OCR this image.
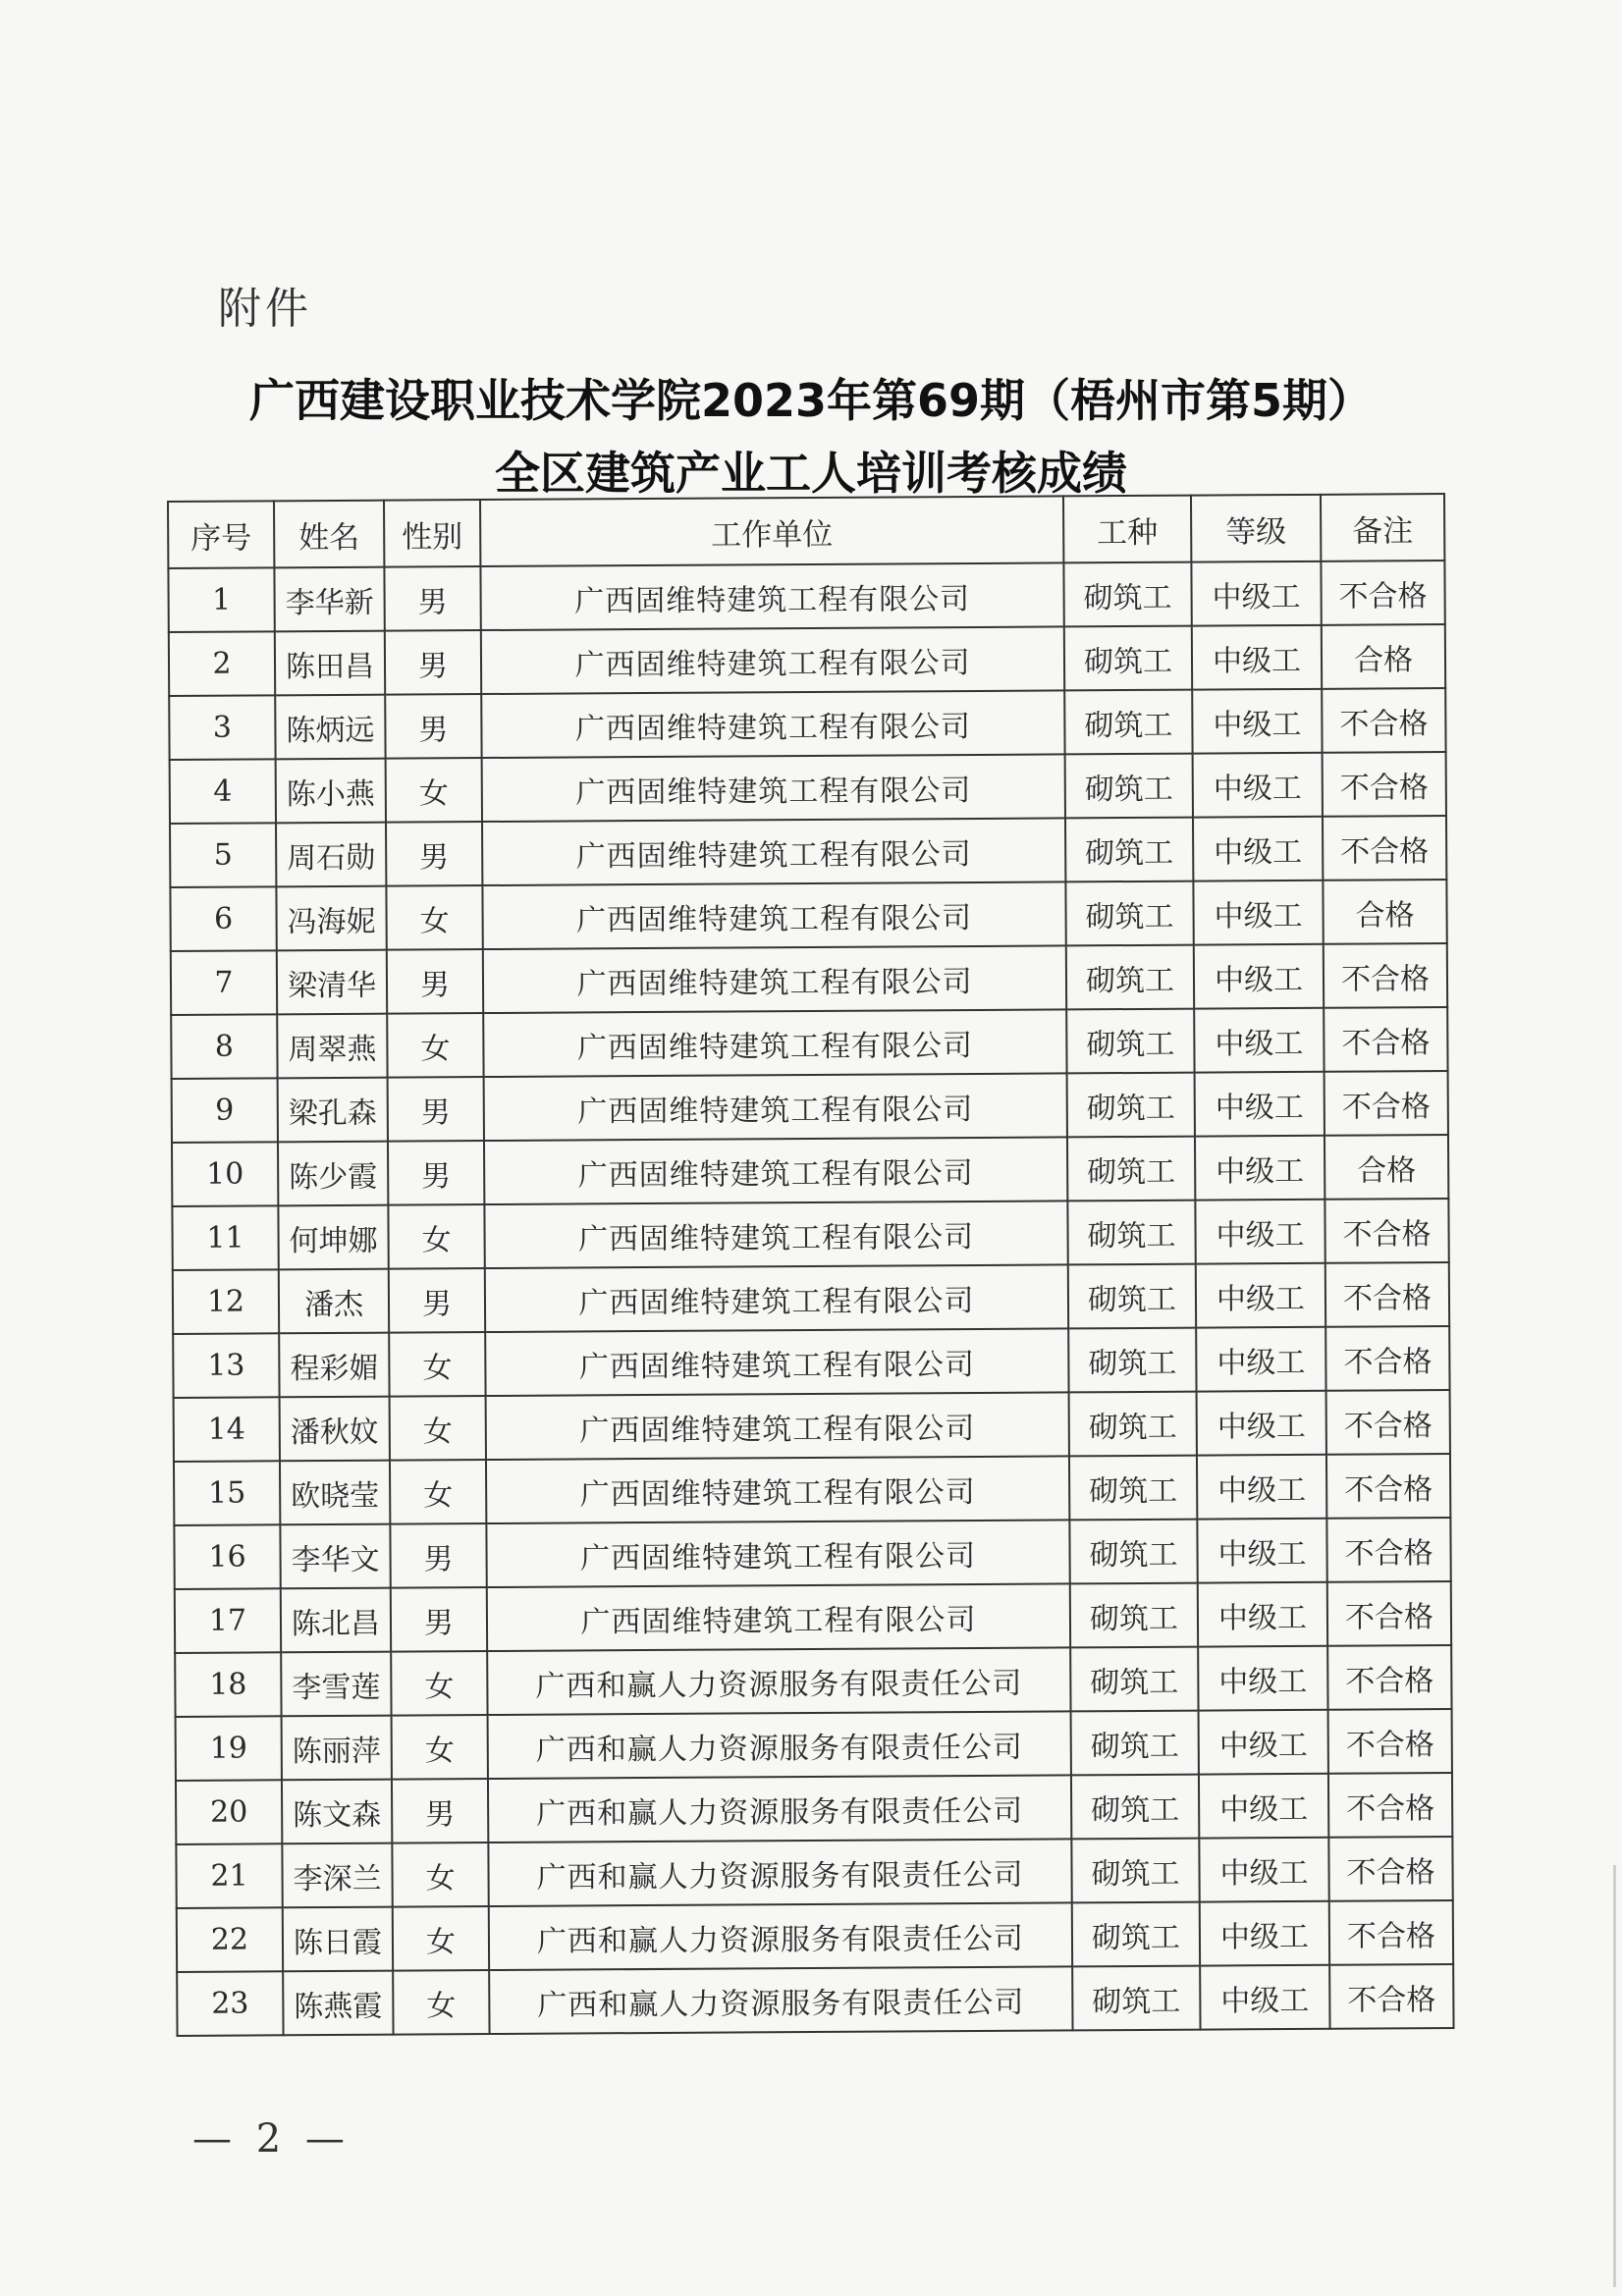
附件
广西建设职业技术学院2023年第69期（梧州市第5期）
全区建筑产业工人培训考核成绩
序号	姓名	性别	工作单位	工种	等级	备注
1	李华新	男	广西固维特建筑工程有限公司	砌筑工	中级工	不合格
2	陈田昌	男	广西固维特建筑工程有限公司	砌筑工	中级工	合格
3	陈炳远	男	广西固维特建筑工程有限公司	砌筑工	中级工	不合格
4	陈小燕	女	广西固维特建筑工程有限公司	砌筑工	中级工	不合格
5	周石勋	男	广西固维特建筑工程有限公司	砌筑工	中级工	不合格
6	冯海妮	女	广西固维特建筑工程有限公司	砌筑工	中级工	合格
7	梁清华	男	广西固维特建筑工程有限公司	砌筑工	中级工	不合格
8	周翠燕	女	广西固维特建筑工程有限公司	砌筑工	中级工	不合格
9	梁孔森	男	广西固维特建筑工程有限公司	砌筑工	中级工	不合格
10	陈少霞	男	广西固维特建筑工程有限公司	砌筑工	中级工	合格
11	何坤娜	女	广西固维特建筑工程有限公司	砌筑工	中级工	不合格
12	潘杰	男	广西固维特建筑工程有限公司	砌筑工	中级工	不合格
13	程彩媚	女	广西固维特建筑工程有限公司	砌筑工	中级工	不合格
14	潘秋妏	女	广西固维特建筑工程有限公司	砌筑工	中级工	不合格
15	欧晓莹	女	广西固维特建筑工程有限公司	砌筑工	中级工	不合格
16	李华文	男	广西固维特建筑工程有限公司	砌筑工	中级工	不合格
17	陈北昌	男	广西固维特建筑工程有限公司	砌筑工	中级工	不合格
18	李雪莲	女	广西和赢人力资源服务有限责任公司	砌筑工	中级工	不合格
19	陈丽萍	女	广西和赢人力资源服务有限责任公司	砌筑工	中级工	不合格
20	陈文森	男	广西和赢人力资源服务有限责任公司	砌筑工	中级工	不合格
21	李深兰	女	广西和赢人力资源服务有限责任公司	砌筑工	中级工	不合格
22	陈日霞	女	广西和赢人力资源服务有限责任公司	砌筑工	中级工	不合格
23	陈燕霞	女	广西和赢人力资源服务有限责任公司	砌筑工	中级工	不合格
— 2 —
